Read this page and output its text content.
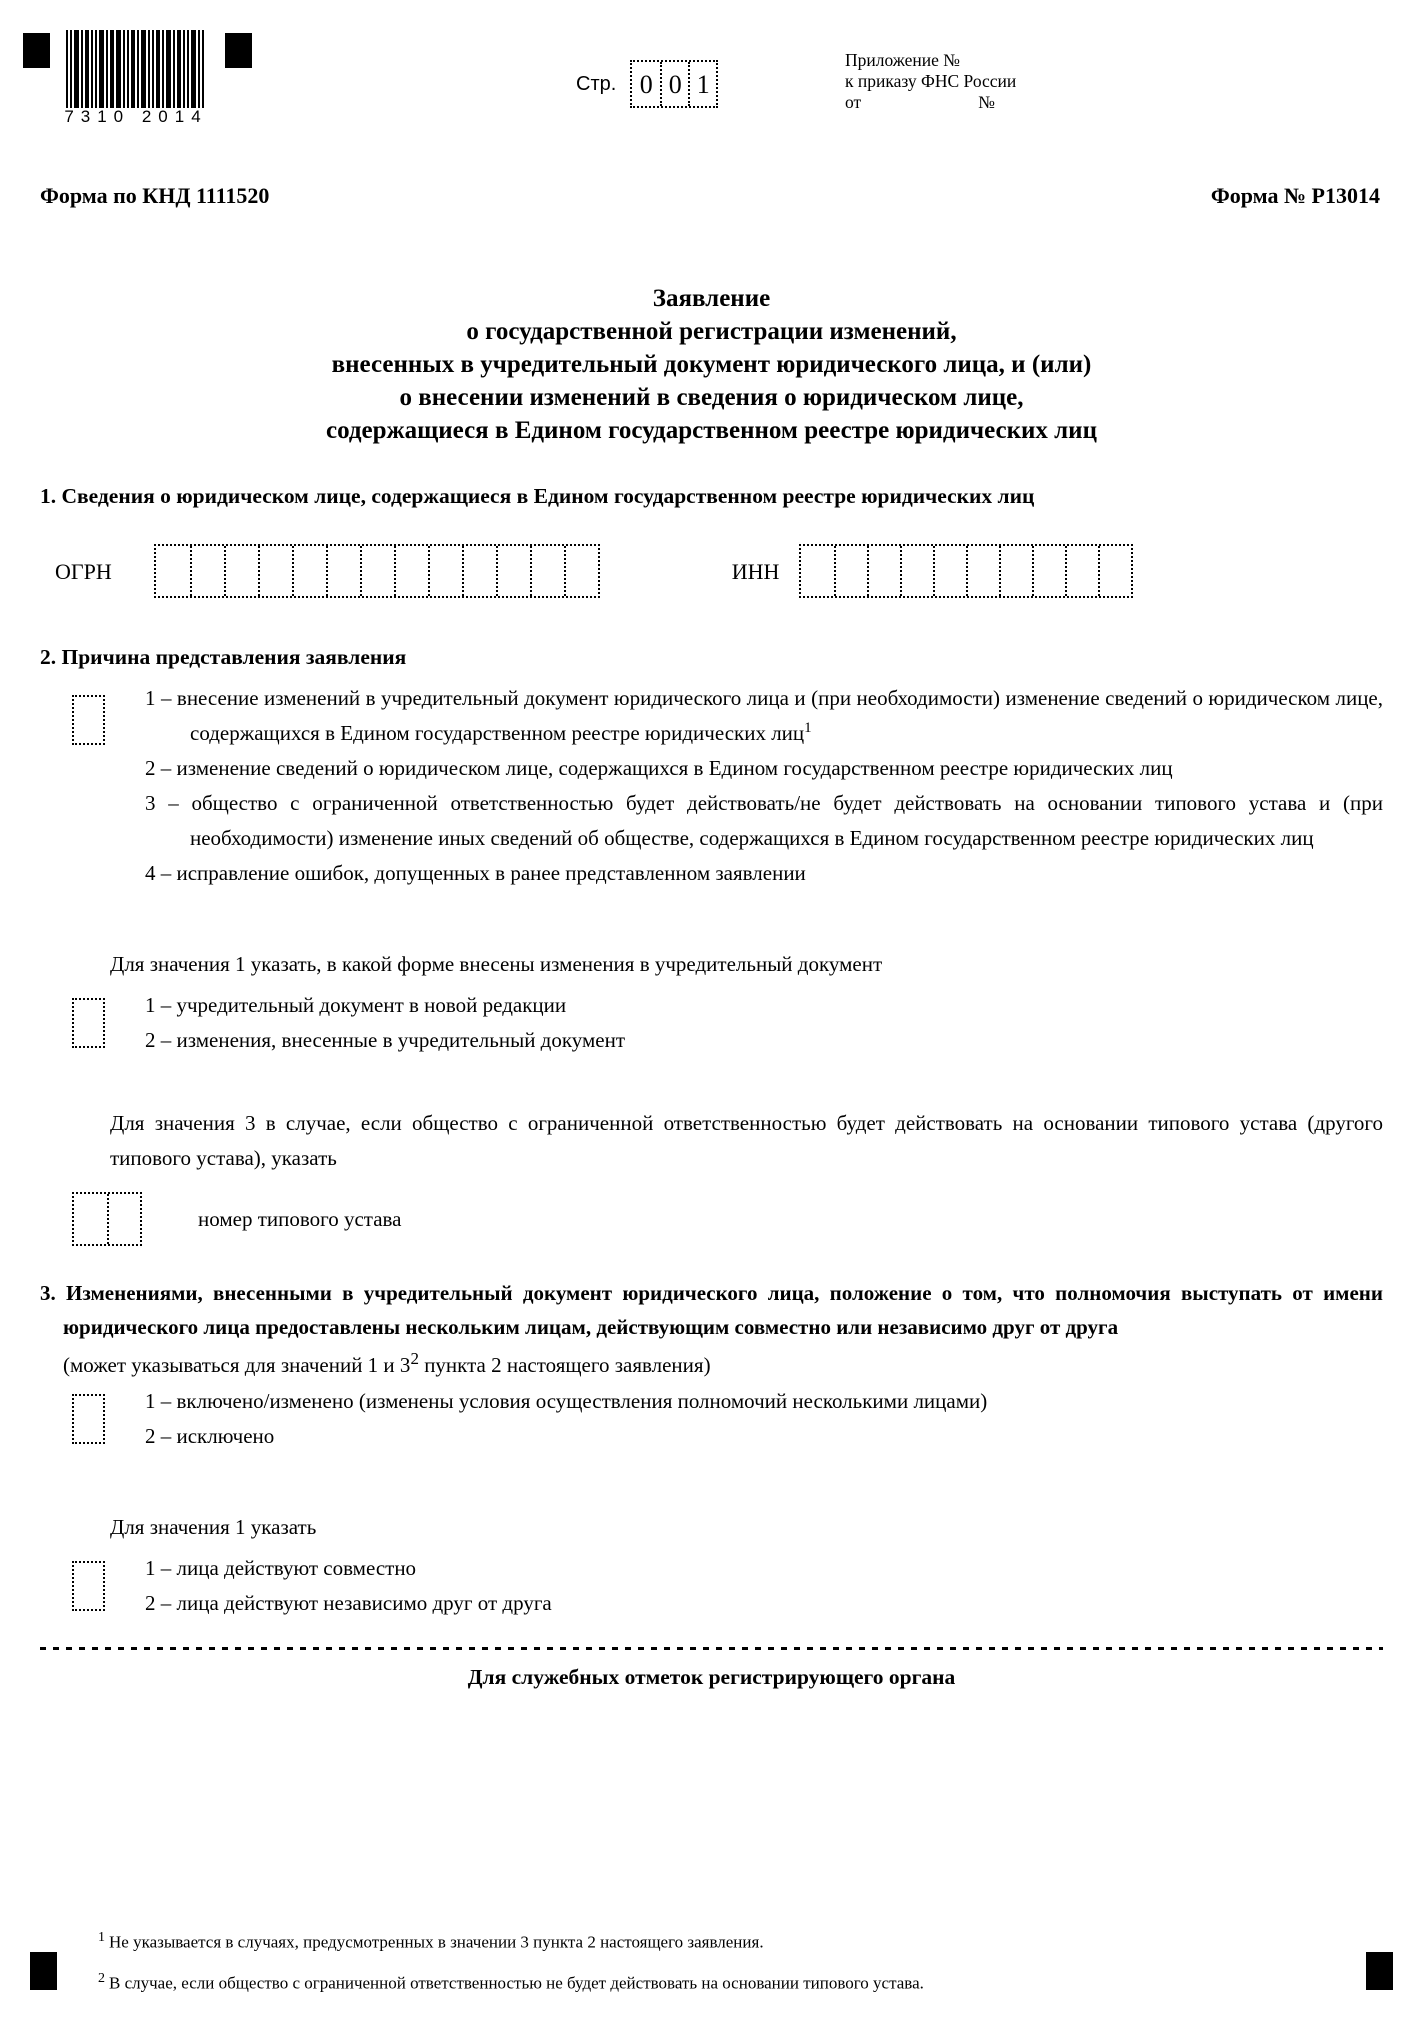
7310 2014
Стр. 0 0 1
Приложение №
к приказу ФНС России
от	№
Форма по КНД 1111520	Форма № Р13014
Заявление
о государственной регистрации изменений,
внесенных в учредительный документ юридического лица, и (или)
о внесении изменений в сведения о юридическом лице,
содержащиеся в Едином государственном реестре юридических лиц
1. Сведения о юридическом лице, содержащиеся в Едином государственном реестре юридических лиц
ОГРН	ИНН
2. Причина представления заявления
1 – внесение изменений в учредительный документ юридического лица и (при необходимости) изменение сведений о юридическом лице, содержащихся в Едином государственном реестре юридических лиц$^1$
2 – изменение сведений о юридическом лице, содержащихся в Едином государственном реестре юридических лиц
3 – общество с ограниченной ответственностью будет действовать/не будет действовать на основании типового устава и (при необходимости) изменение иных сведений об обществе, содержащихся в Едином государственном реестре юридических лиц
4 – исправление ошибок, допущенных в ранее представленном заявлении
Для значения 1 указать, в какой форме внесены изменения в учредительный документ
1 – учредительный документ в новой редакции
2 – изменения, внесенные в учредительный документ
Для значения 3 в случае, если общество с ограниченной ответственностью будет действовать на основании типового устава (другого типового устава), указать
номер типового устава
3. Изменениями, внесенными в учредительный документ юридического лица, положение о том, что полномочия выступать от имени юридического лица предоставлены нескольким лицам, действующим совместно или независимо друг от друга
(может указываться для значений 1 и $3^2$ пункта 2 настоящего заявления)
1 – включено/изменено (изменены условия осуществления полномочий несколькими лицами)
2 – исключено
Для значения 1 указать
1 – лица действуют совместно
2 – лица действуют независимо друг от друга
Для служебных отметок регистрирующего органа
$^1$ Не указывается в случаях, предусмотренных в значении 3 пункта 2 настоящего заявления.
$^2$ В случае, если общество с ограниченной ответственностью не будет действовать на основании типового устава.
